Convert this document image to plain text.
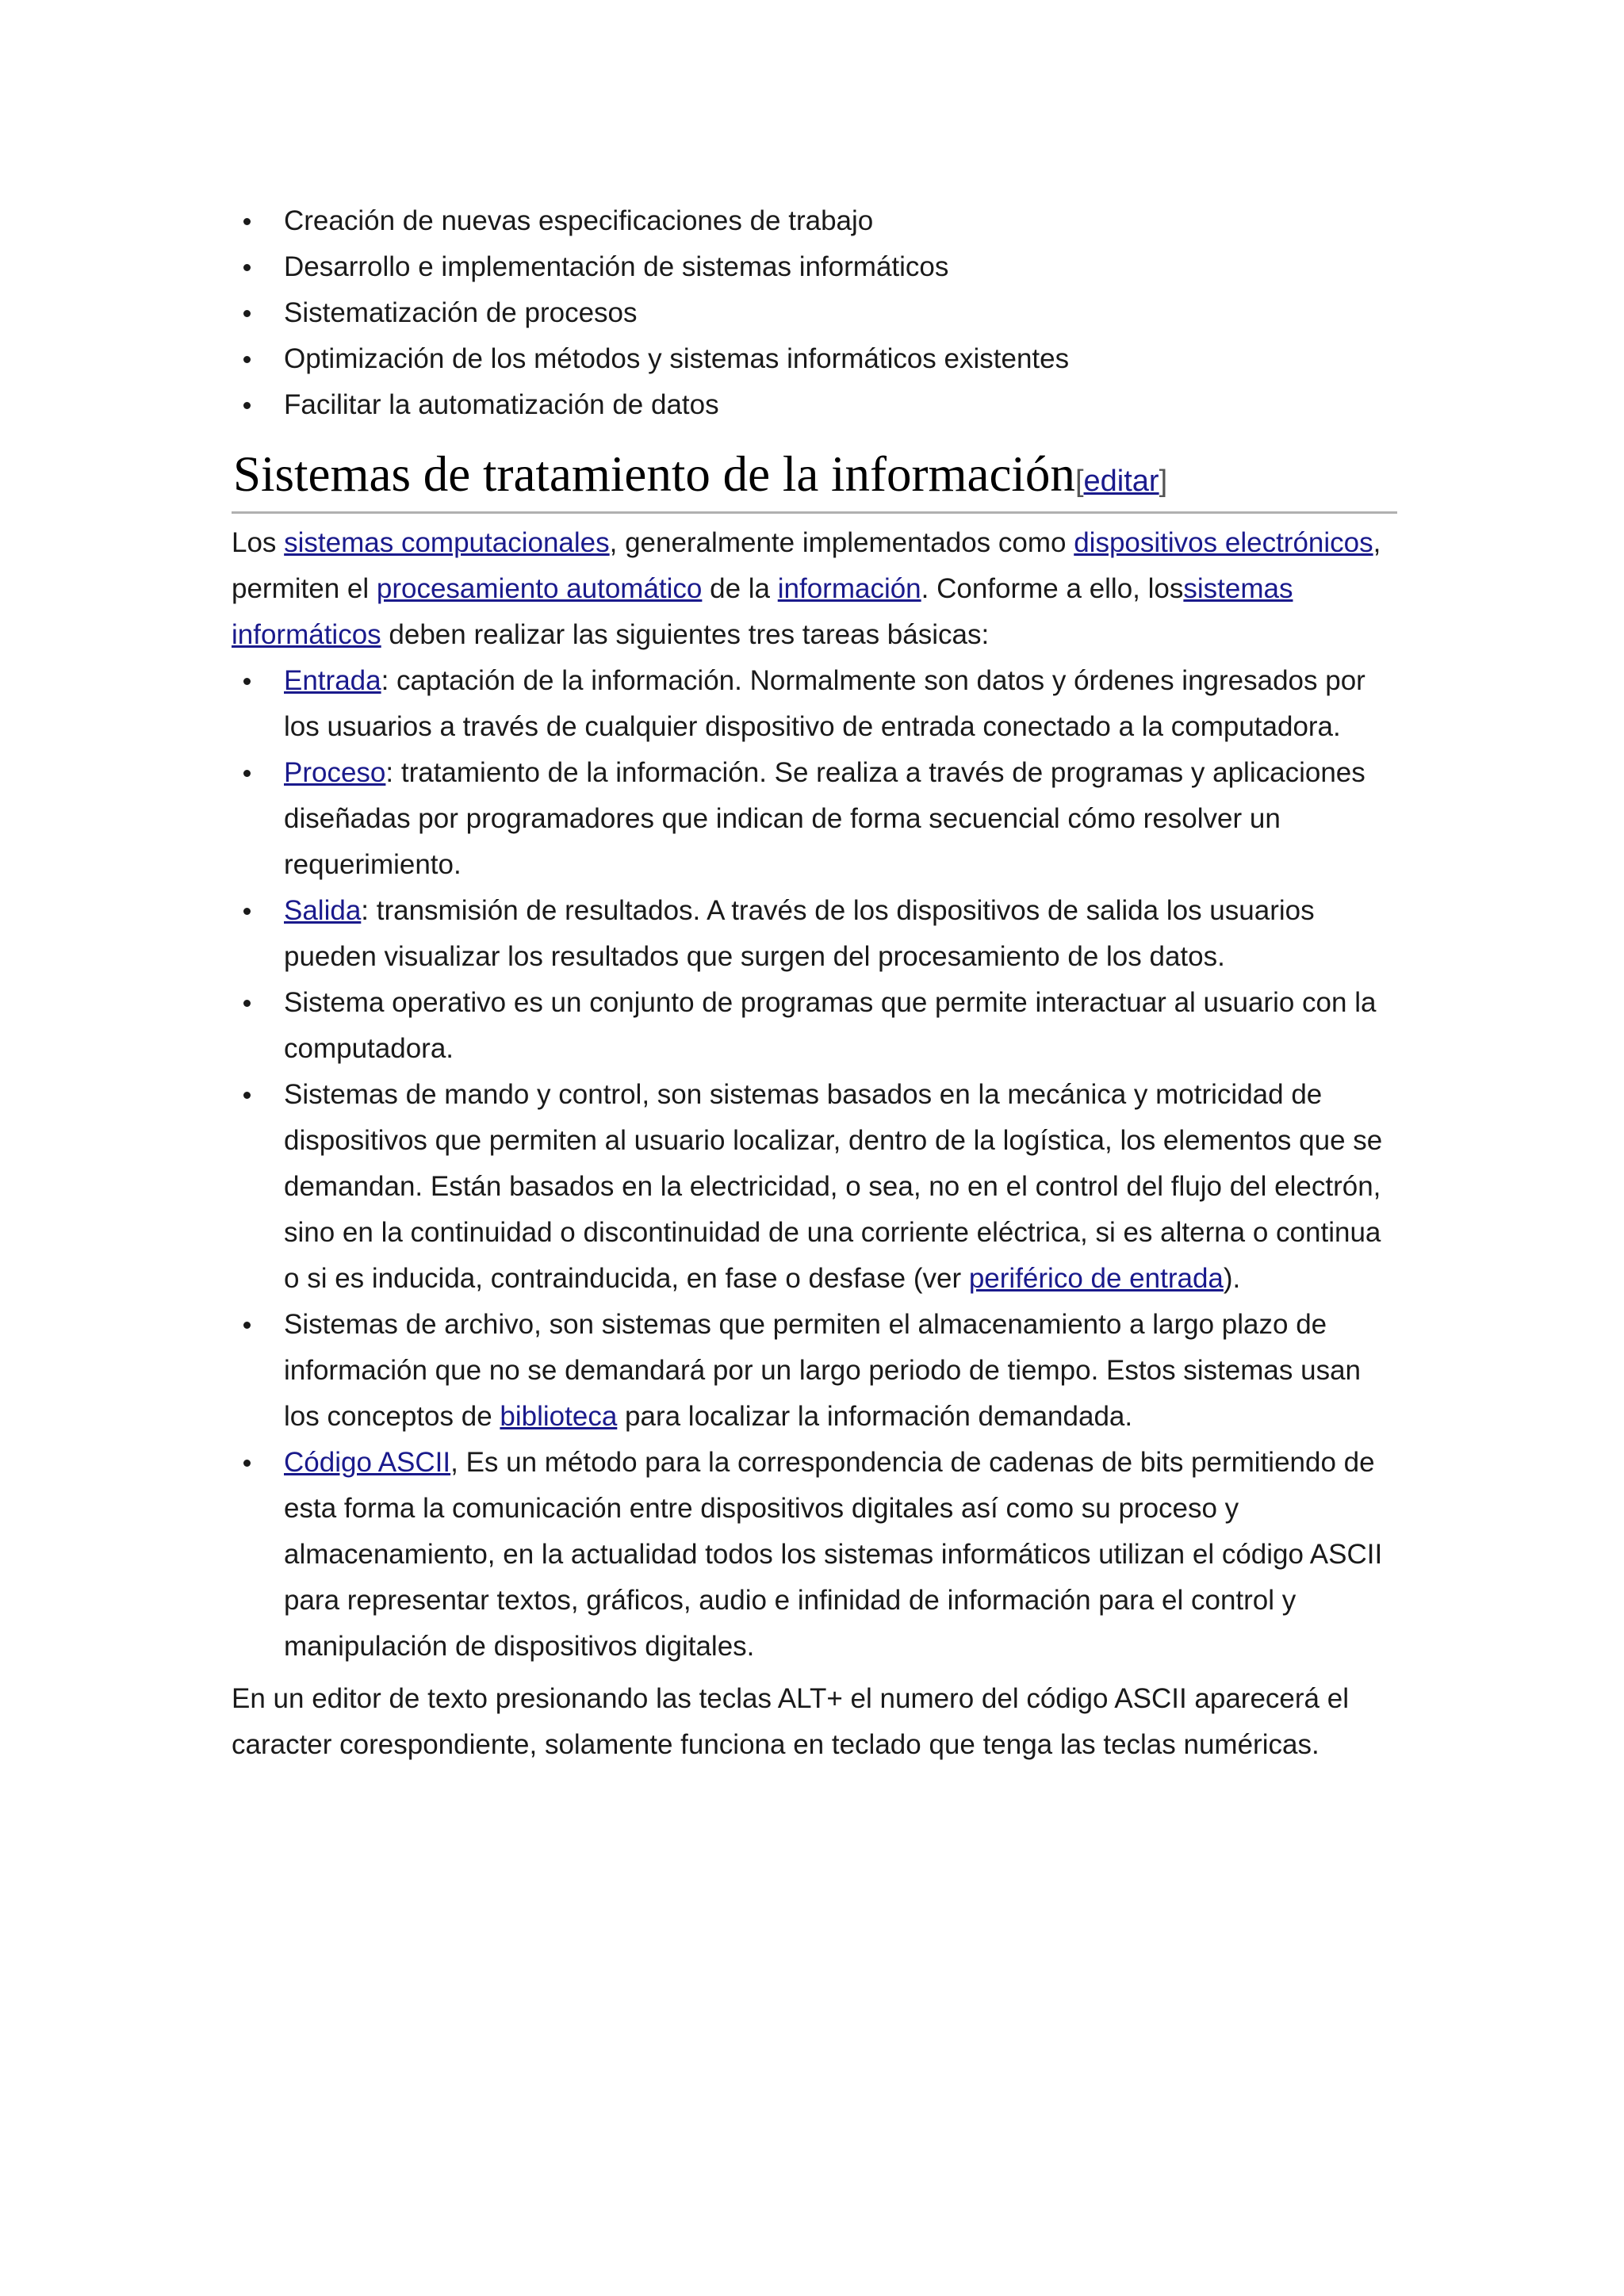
Creación de nuevas especificaciones de trabajo
Desarrollo e implementación de sistemas informáticos
Sistematización de procesos
Optimización de los métodos y sistemas informáticos existentes
Facilitar la automatización de datos
Sistemas de tratamiento de la información[editar]

Los sistemas computacionales, generalmente implementados como dispositivos electrónicos, permiten el procesamiento automático de la información. Conforme a ello, lossistemas informáticos deben realizar las siguientes tres tareas básicas:

Entrada: captación de la información. Normalmente son datos y órdenes ingresados por los usuarios a través de cualquier dispositivo de entrada conectado a la computadora.
Proceso: tratamiento de la información. Se realiza a través de programas y aplicaciones diseñadas por programadores que indican de forma secuencial cómo resolver un requerimiento.
Salida: transmisión de resultados. A través de los dispositivos de salida los usuarios pueden visualizar los resultados que surgen del procesamiento de los datos.
Sistema operativo es un conjunto de programas que permite interactuar al usuario con la computadora.
Sistemas de mando y control, son sistemas basados en la mecánica y motricidad de dispositivos que permiten al usuario localizar, dentro de la logística, los elementos que se demandan. Están basados en la electricidad, o sea, no en el control del flujo del electrón, sino en la continuidad o discontinuidad de una corriente eléctrica, si es alterna o continua o si es inducida, contrainducida, en fase o desfase (ver periférico de entrada).
Sistemas de archivo, son sistemas que permiten el almacenamiento a largo plazo de información que no se demandará por un largo periodo de tiempo. Estos sistemas usan los conceptos de biblioteca para localizar la información demandada.
Código ASCII, Es un método para la correspondencia de cadenas de bits permitiendo de esta forma la comunicación entre dispositivos digitales así como su proceso y almacenamiento, en la actualidad todos los sistemas informáticos utilizan el código ASCII para representar textos, gráficos, audio e infinidad de información para el control y manipulación de dispositivos digitales.

En un editor de texto presionando las teclas ALT+ el numero del código ASCII aparecerá el caracter corespondiente, solamente funciona en teclado que tenga las teclas numéricas.
